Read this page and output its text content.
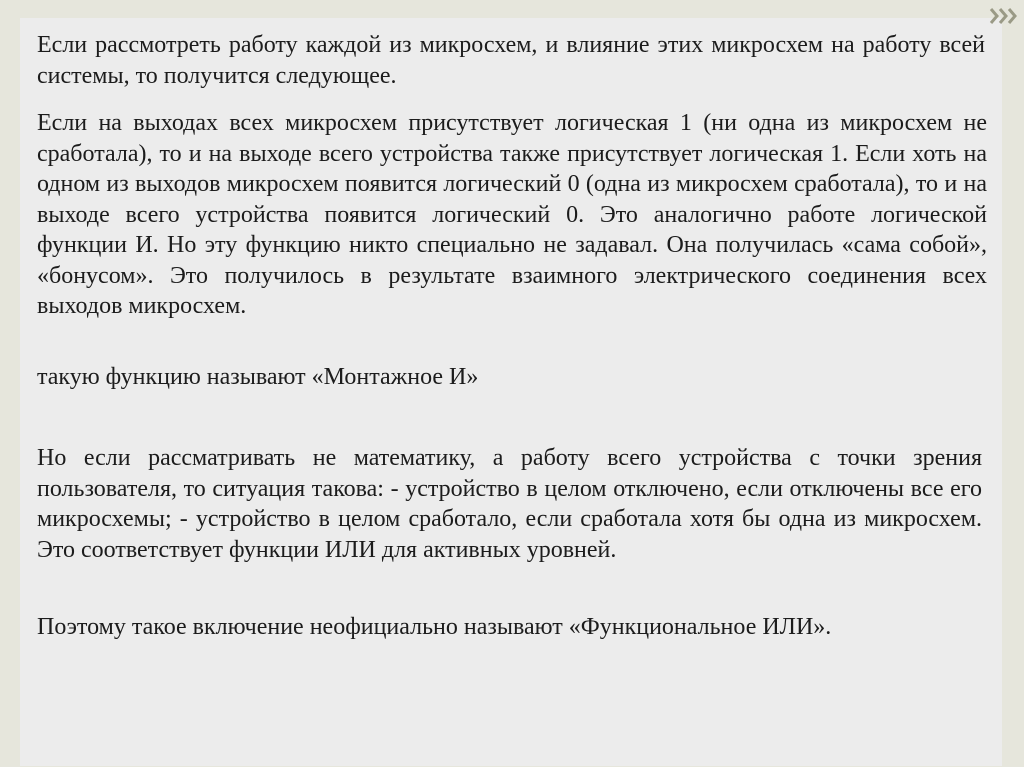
Если рассмотреть работу каждой из микросхем, и влияние этих микросхем на работу всей системы, то получится следующее.

Если на выходах всех микросхем присутствует логическая 1 (ни одна из микросхем не сработала), то и на выходе всего устройства также присутствует логическая 1. Если хоть на одном из выходов микросхем появится логический 0 (одна из микросхем сработала), то и на выходе всего устройства появится логический 0. Это аналогично работе логической функции И. Но эту функцию никто специально не задавал. Она получилась «сама собой», «бонусом». Это получилось в результате взаимного электрического соединения всех выходов микросхем.

такую функцию называют «Монтажное И»

Но если рассматривать не математику, а работу всего устройства с точки зрения пользователя, то ситуация такова: - устройство в целом отключено, если отключены все его микросхемы; - устройство в целом сработало, если сработала хотя бы одна из микросхем. Это соответствует функции ИЛИ для активных уровней.

Поэтому такое включение неофициально называют «Функциональное ИЛИ».
